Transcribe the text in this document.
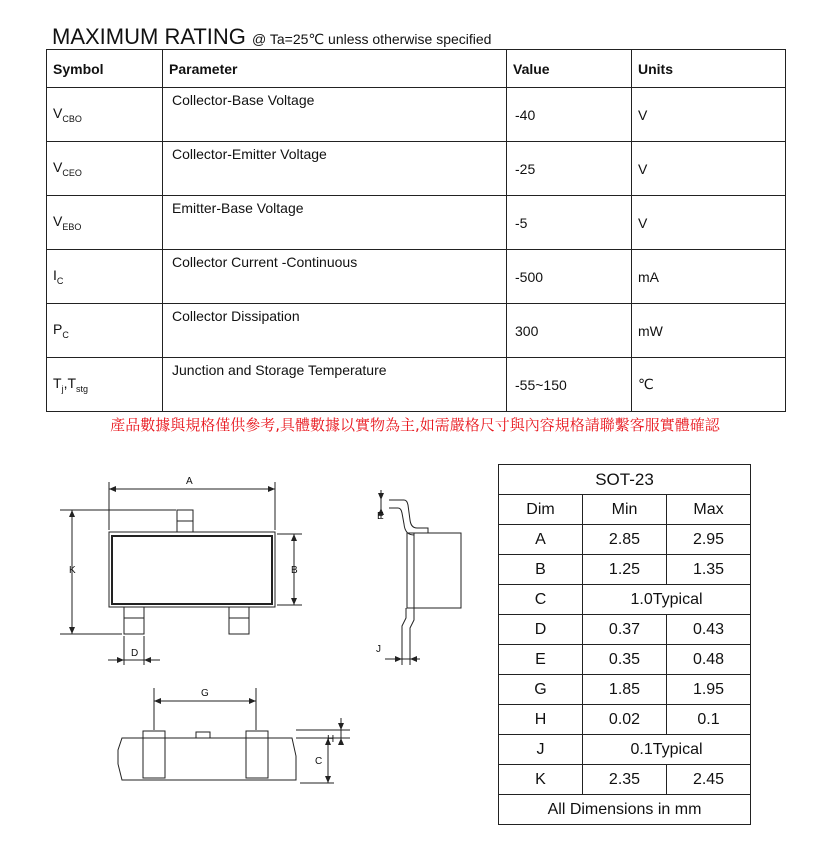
MAXIMUM RATING @ Ta=25℃ unless otherwise specified
Symbol	Parameter	Value	Units
$V_{CBO}$	Collector-Base Voltage	-40	V
$V_{CEO}$	Collector-Emitter Voltage	-25	V
$V_{EBO}$	Emitter-Base Voltage	-5	V
$I_C$	Collector Current -Continuous	-500	mA
$P_C$	Collector Dissipation	300	mW
$T_j,T_{stg}$	Junction and Storage Temperature	-55~150	℃
產品數據與規格僅供參考,具體數據以實物為主,如需嚴格尺寸與內容規格請聯繫客服實體確認
A
B
K
D
E
J
G
H
C
SOT-23		
Dim	Min	Max
A	2.85	2.95
B	1.25	1.35
C	1.0Typical	
D	0.37	0.43
E	0.35	0.48
G	1.85	1.95
H	0.02	0.1
J	0.1Typical	
K	2.35	2.45
All Dimensions in mm		
